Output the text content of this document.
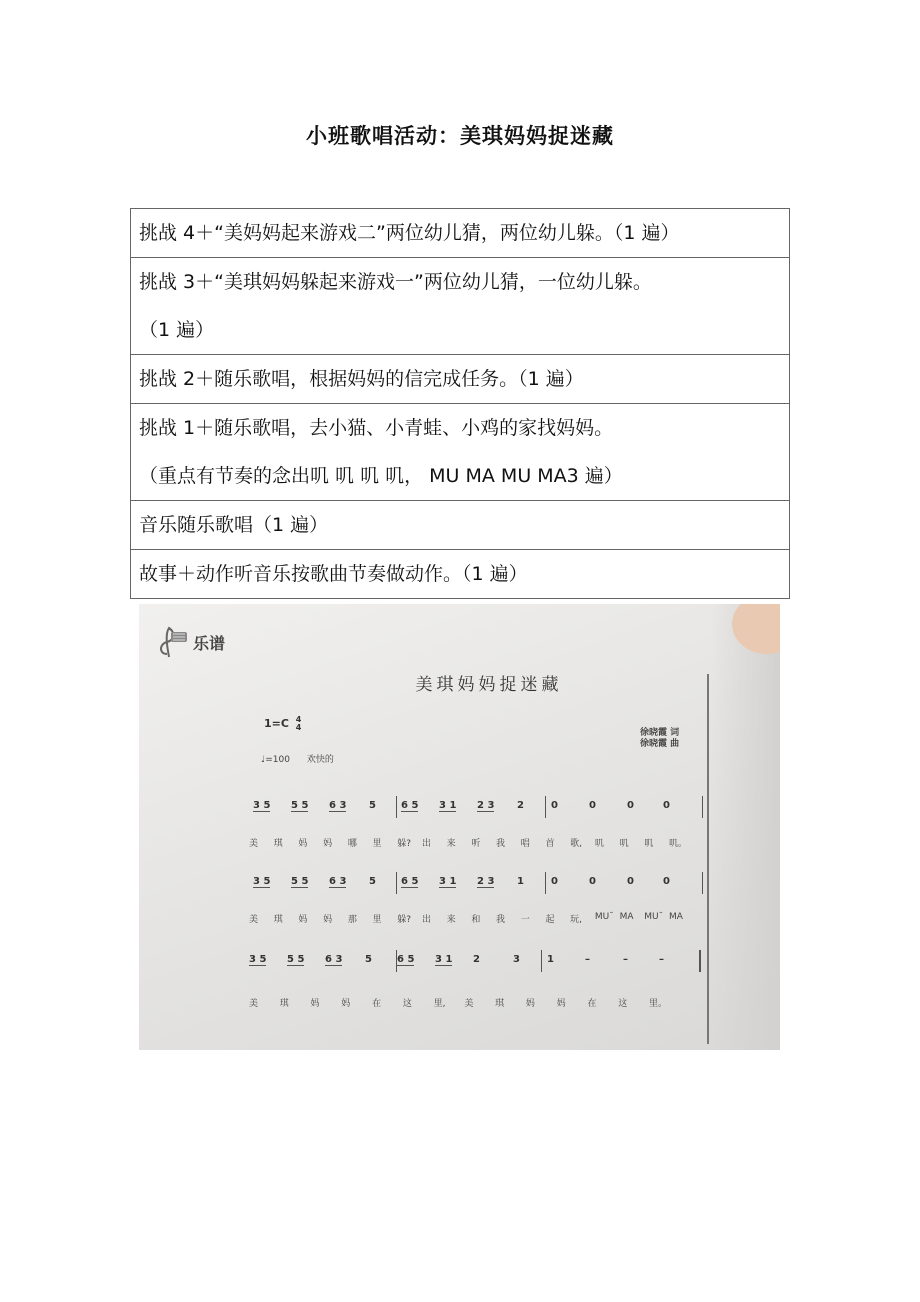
小班歌唱活动：美琪妈妈捉迷藏
挑战 4＋“美妈妈起来游戏二”两位幼儿猜，两位幼儿躲。（1 遍）

挑战 3＋“美琪妈妈躲起来游戏一”两位幼儿猜，一位幼儿躲。
（1 遍）

挑战 2＋随乐歌唱，根据妈妈的信完成任务。（1 遍）

挑战 1＋随乐歌唱，去小猫、小青蛙、小鸡的家找妈妈。
（重点有节奏的念出叽 叽 叽 叽， MU MA MU MA3 遍）

音乐随乐歌唱（1 遍）

故事＋动作听音乐按歌曲节奏做动作。（1 遍）
乐谱
美琪妈妈捉迷藏
1=C 4
4
♩=100 欢快的
徐晓霞 词
徐晓霞 曲
3 5 5 5 6 3 5	6 5 3 1 2 3 2	0	0	0	0
美 琪 妈 妈 哪 里 躲? 出 来 听 我 唱 首 歌, 叽 叽 叽 叽。
3 5 5 5 6 3 5	6 5 3 1 2 3 1	0	0	0	0
美 琪 妈 妈 那 里 躲? 出 来 和 我 一 起 玩, MU˘ MA MU˘ MA
3 5 5 5 6 3 5	6 5 3 1 2	3	1	–	–	–
美 琪 妈 妈 在 这 里, 美 琪 妈 妈 在 这 里。
